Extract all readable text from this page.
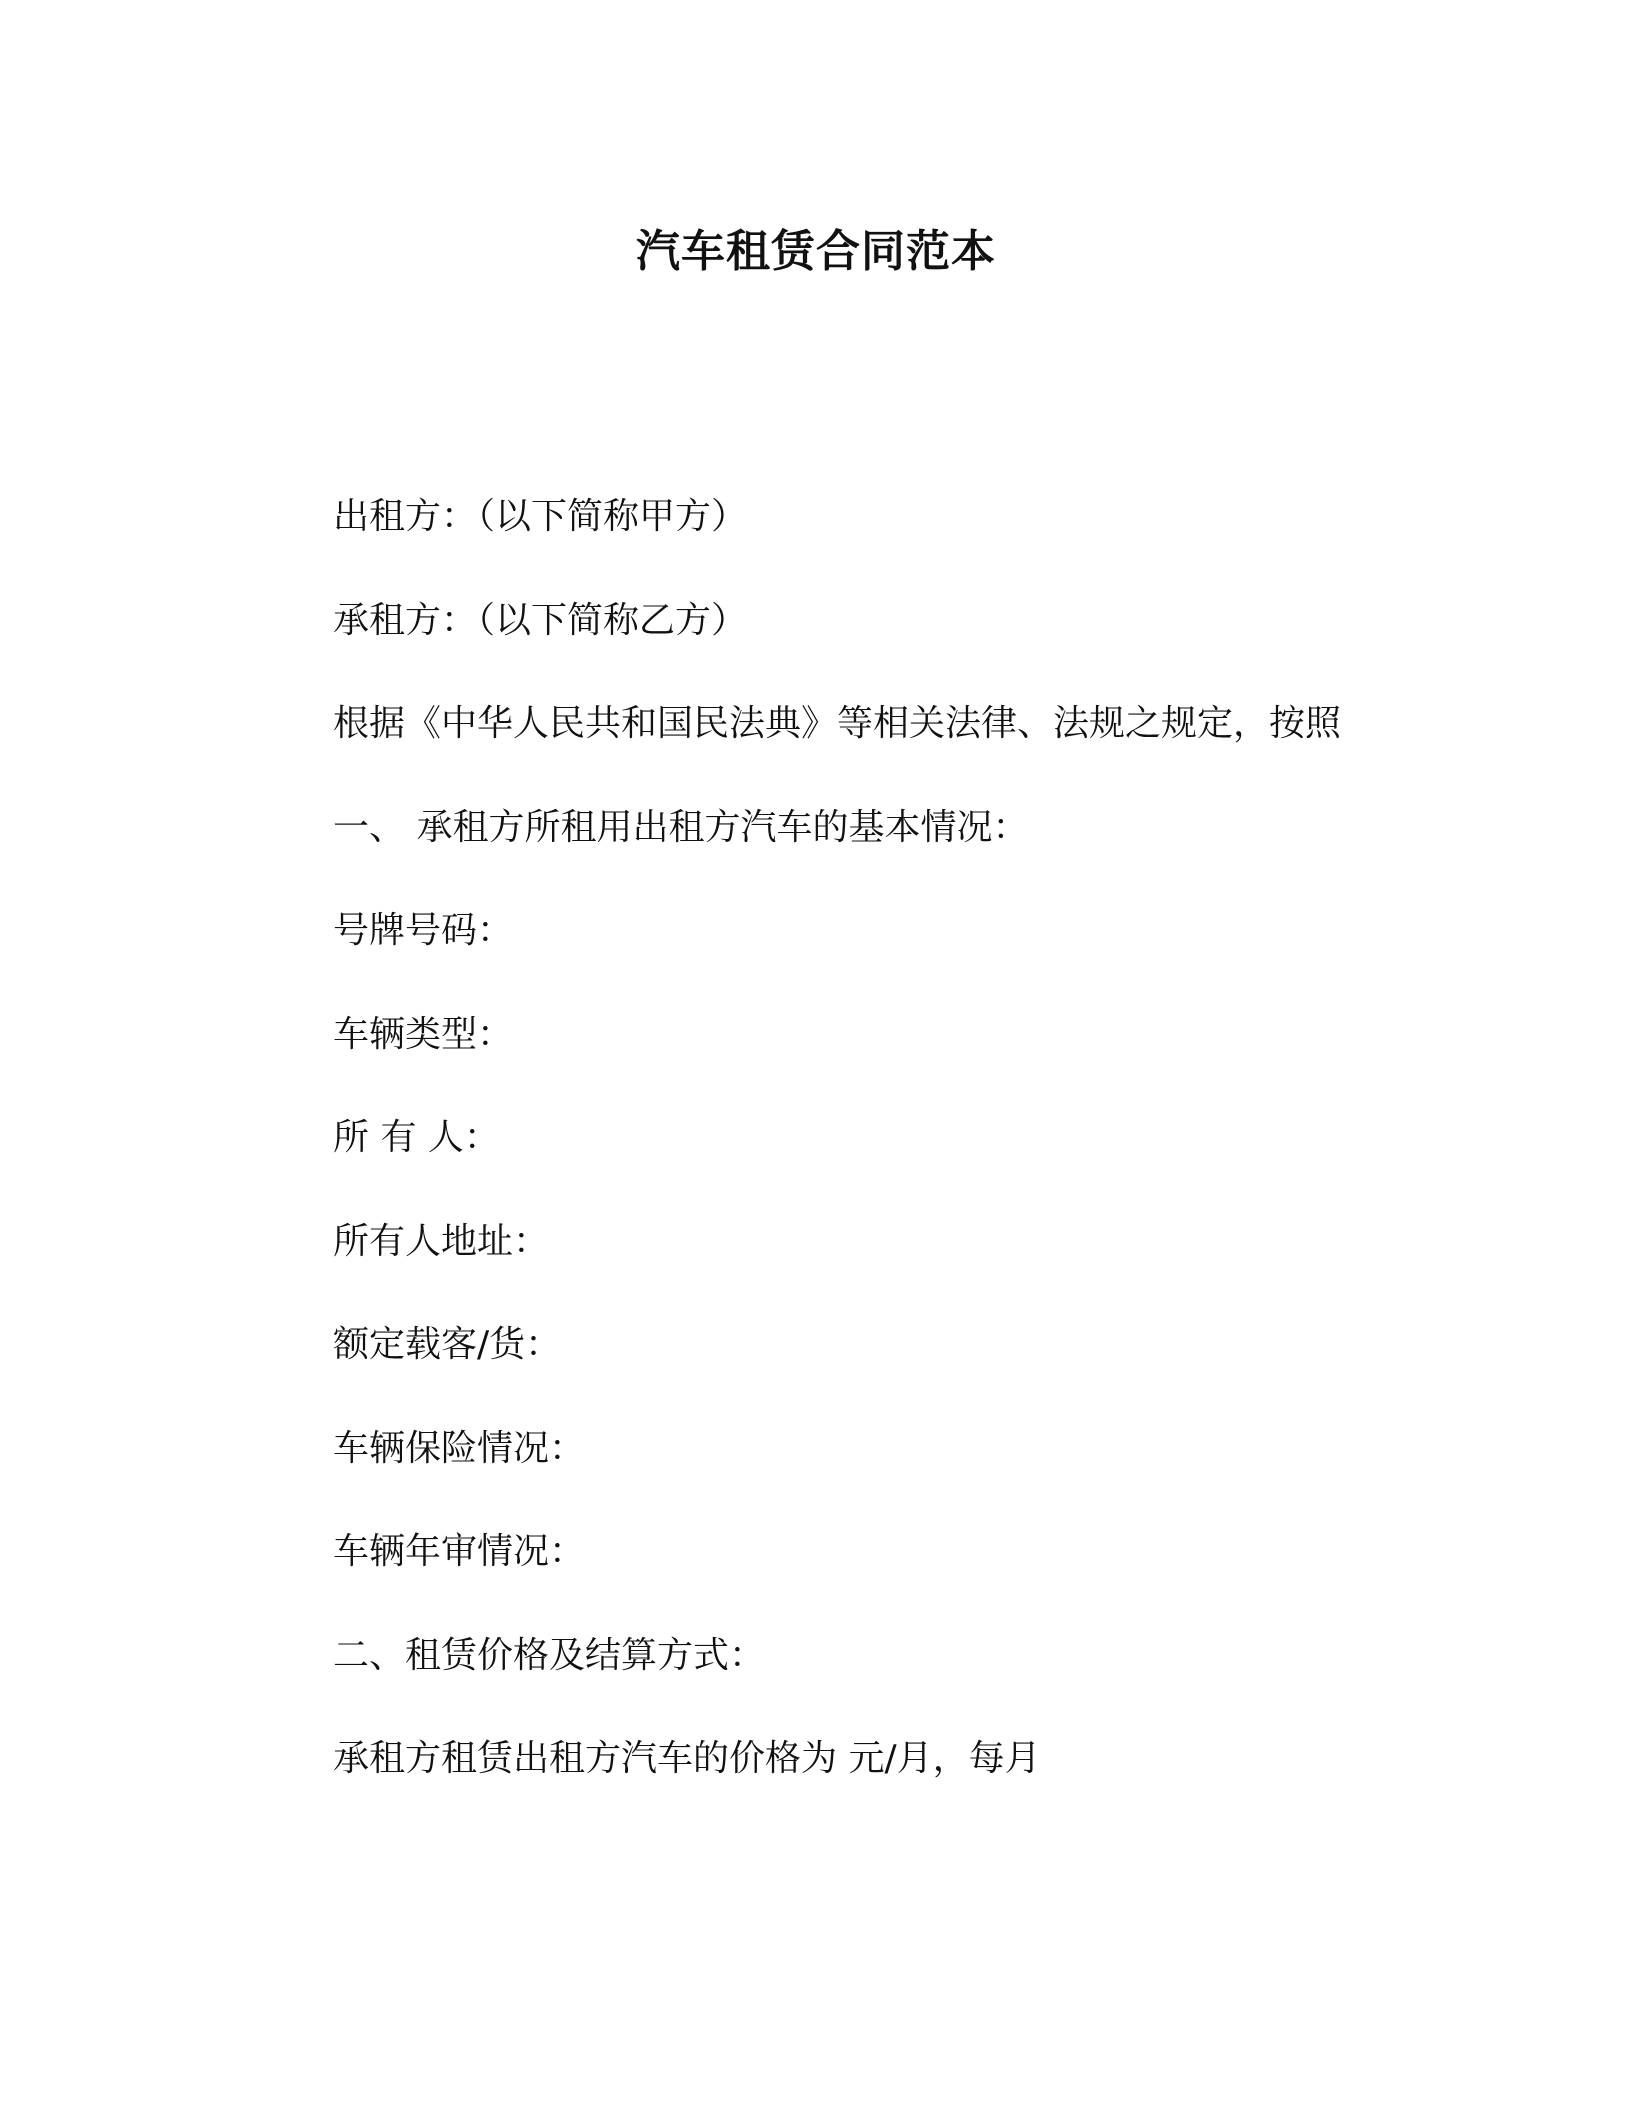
汽车租赁合同范本

出租方：（以下简称甲方）

承租方：（以下简称乙方）

根据《中华人民共和国民法典》等相关法律、法规之规定，按照

一、 承租方所租用出租方汽车的基本情况：

号牌号码：

车辆类型：

所 有 人：

所有人地址：

额定载客/货：

车辆保险情况：

车辆年审情况：

二、租赁价格及结算方式：

承租方租赁出租方汽车的价格为 元/月，每月
